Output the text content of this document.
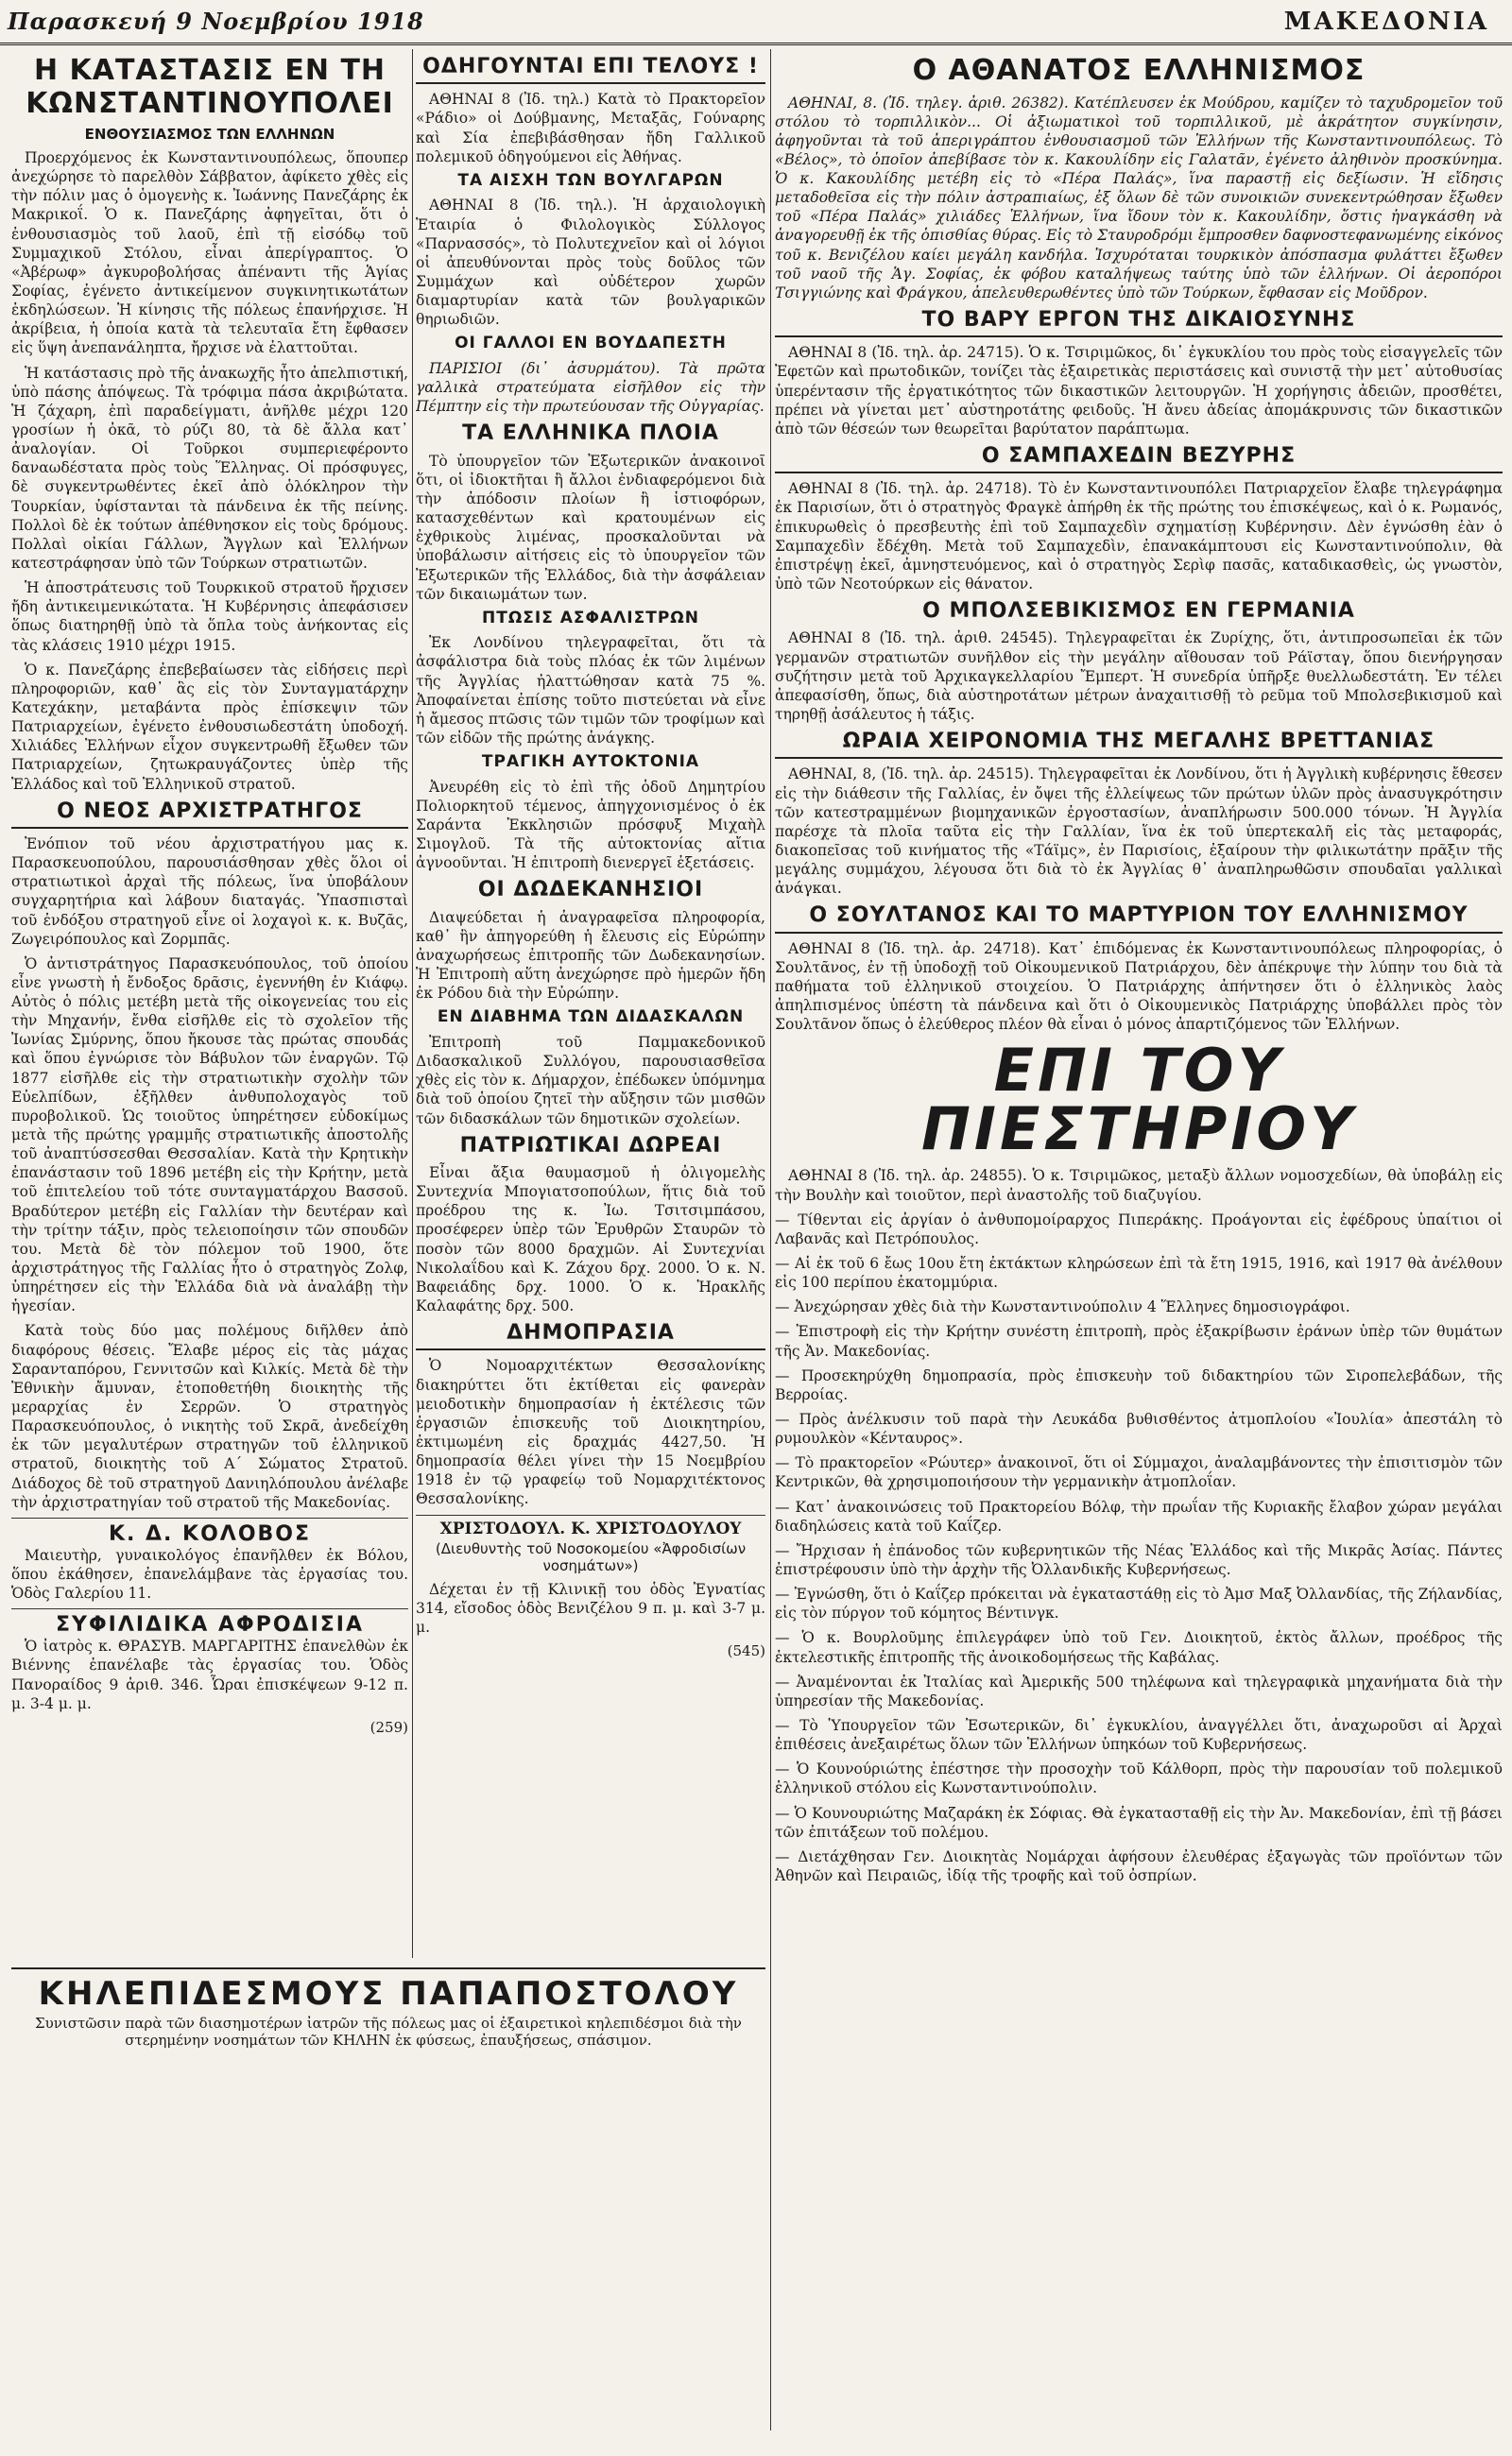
Παρασκευή 9 Νοεμβρίου 1918	ΜΑΚΕΔΟΝΙΑ
Η ΚΑΤΑΣΤΑΣΙΣ ΕΝ ΤΗ ΚΩΝΣΤΑΝΤΙΝΟΥΠΟΛΕΙ
ΕΝΘΟΥΣΙΑΣΜΟΣ ΤΩΝ ΕΛΛΗΝΩΝ

Προερχόμενος ἐκ Κωνσταντινουπόλεως, ὅπουπερ ἀνεχώρησε τὸ παρελθὸν Σάββατον, ἀφίκετο χθὲς εἰς τὴν πόλιν μας ὁ ὁμογενὴς κ. Ἰωάννης Πανεζάρης ἐκ Μακρικοΐ. Ὁ κ. Πανεζάρης ἀφηγεῖται, ὅτι ὁ ἐνθουσιασμὸς τοῦ λαοῦ, ἐπὶ τῇ εἰσόδῳ τοῦ Συμμαχικοῦ Στόλου, εἶναι ἀπερίγραπτος. Ὁ «Ἀβέρωφ» ἀγκυροβολήσας ἀπέναντι τῆς Ἁγίας Σοφίας, ἐγένετο ἀντικείμενον συγκινητικωτάτων ἐκδηλώσεων. Ἡ κίνησις τῆς πόλεως ἐπανήρχισε. Ἡ ἀκρίβεια, ἡ ὁποία κατὰ τὰ τελευταῖα ἔτη ἔφθασεν εἰς ὕψη ἀνεπανάληπτα, ἤρχισε νὰ ἐλαττοῦται.

Ἡ κατάστασις πρὸ τῆς ἀνακωχῆς ἦτο ἀπελπιστική, ὑπὸ πάσης ἀπόψεως. Τὰ τρόφιμα πάσα ἀκριβώτατα. Ἡ ζάχαρη, ἐπὶ παραδείγματι, ἀνῆλθε μέχρι 120 γροσίων ἡ ὀκᾶ, τὸ ρύζι 80, τὰ δὲ ἄλλα κατ᾽ ἀναλογίαν. Οἱ Τοῦρκοι συμπεριεφέροντο δαναωδέστατα πρὸς τοὺς Ἕλληνας. Οἱ πρόσφυγες, δὲ συγκεντρωθέντες ἐκεῖ ἀπὸ ὁλόκληρον τὴν Τουρκίαν, ὑφίστανται τὰ πάνδεινα ἐκ τῆς πείνης. Πολλοὶ δὲ ἐκ τούτων ἀπέθνησκον εἰς τοὺς δρόμους. Πολλαὶ οἰκίαι Γάλλων, Ἄγγλων καὶ Ἑλλήνων κατεστράφησαν ὑπὸ τῶν Τούρκων στρατιωτῶν.

Ἡ ἀποστράτευσις τοῦ Τουρκικοῦ στρατοῦ ἤρχισεν ἤδη ἀντικειμενικώτατα. Ἡ Κυβέρνησις ἀπεφάσισεν ὅπως διατηρηθῇ ὑπὸ τὰ ὅπλα τοὺς ἀνήκοντας εἰς τὰς κλάσεις 1910 μέχρι 1915.

Ὁ κ. Πανεζάρης ἐπεβεβαίωσεν τὰς εἰδήσεις περὶ πληροφοριῶν, καθ᾽ ἃς εἰς τὸν Συνταγματάρχην Κατεχάκην, μεταβάντα πρὸς ἐπίσκεψιν τῶν Πατριαρχείων, ἐγένετο ἐνθουσιωδεστάτη ὑποδοχή. Χιλιάδες Ἑλλήνων εἶχον συγκεντρωθῆ ἔξωθεν τῶν Πατριαρχείων, ζητωκραυγάζοντες ὑπὲρ τῆς Ἑλλάδος καὶ τοῦ Ἑλληνικοῦ στρατοῦ.

Ο ΝΕΟΣ ΑΡΧΙΣΤΡΑΤΗΓΟΣ

Ἐνόπιον τοῦ νέου ἀρχιστρατήγου μας κ. Παρασκευοπούλου, παρουσιάσθησαν χθὲς ὅλοι οἱ στρατιωτικοὶ ἀρχαὶ τῆς πόλεως, ἵνα ὑποβάλουν συγχαρητήρια καὶ λάβουν διαταγάς. Ὑπασπισταὶ τοῦ ἐνδόξου στρατηγοῦ εἶνε οἱ λοχαγοὶ κ. κ. Βυζᾶς, Ζωγειρόπουλος καὶ Ζορμπᾶς.

Ὁ ἀντιστράτηγος Παρασκευόπουλος, τοῦ ὁποίου εἶνε γνωστὴ ἡ ἔνδοξος δρᾶσις, ἐγεννήθη ἐν Κιάφῳ. Αὐτὸς ὁ πόλις μετέβη μετὰ τῆς οἰκογενείας του εἰς τὴν Μηχανήν, ἔνθα εἰσῆλθε εἰς τὸ σχολεῖον τῆς Ἰωνίας Σμύρνης, ὅπου ἤκουσε τὰς πρώτας σπουδάς καὶ ὅπου ἐγνώρισε τὸν Βάβυλον τῶν ἐναργῶν. Τῷ 1877 εἰσῆλθε εἰς τὴν στρατιωτικὴν σχολὴν τῶν Εὐελπίδων, ἐξῆλθεν ἀνθυπολοχαγὸς τοῦ πυροβολικοῦ. Ὡς τοιοῦτος ὑπηρέτησεν εὐδοκίμως μετὰ τῆς πρώτης γραμμῆς στρατιωτικῆς ἀποστολῆς τοῦ ἀναπτύσσεσθαι Θεσσαλίαν. Κατὰ τὴν Κρητικὴν ἐπανάστασιν τοῦ 1896 μετέβη εἰς τὴν Κρήτην, μετὰ τοῦ ἐπιτελείου τοῦ τότε συνταγματάρχου Βασσοῦ. Βραδύτερον μετέβη εἰς Γαλλίαν τὴν δευτέραν καὶ τὴν τρίτην τάξιν, πρὸς τελειοποίησιν τῶν σπουδῶν του. Μετὰ δὲ τὸν πόλεμον τοῦ 1900, ὅτε ἀρχιστράτηγος τῆς Γαλλίας ἦτο ὁ στρατηγὸς Ζολφ, ὑπηρέτησεν εἰς τὴν Ἑλλάδα διὰ νὰ ἀναλάβῃ τὴν ἡγεσίαν.

Κατὰ τοὺς δύο μας πολέμους διῆλθεν ἀπὸ διαφόρους θέσεις. Ἔλαβε μέρος εἰς τὰς μάχας Σαρανταπόρου, Γεννιτσῶν καὶ Κιλκίς. Μετὰ δὲ τὴν Ἐθνικὴν ἄμυναν, ἐτοποθετήθη διοικητὴς τῆς μεραρχίας ἐν Σερρῶν. Ὁ στρατηγὸς Παρασκευόπουλος, ὁ νικητὴς τοῦ Σκρᾶ, ἀνεδείχθη ἐκ τῶν μεγαλυτέρων στρατηγῶν τοῦ ἑλληνικοῦ στρατοῦ, διοικητὴς τοῦ Α΄ Σώματος Στρατοῦ. Διάδοχος δὲ τοῦ στρατηγοῦ Δανιηλόπουλου ἀνέλαβε τὴν ἀρχιστρατηγίαν τοῦ στρατοῦ τῆς Μακεδονίας.

Κ. Δ. ΚΟΛΟΒΟΣ

Μαιευτὴρ, γυναικολόγος ἐπανῆλθεν ἐκ Βόλου, ὅπου ἐκάθησεν, ἐπανελάμβανε τὰς ἐργασίας του. Ὁδὸς Γαλερίου 11.

ΣΥΦΙΛΙΔΙΚΑ ΑΦΡΟΔΙΣΙΑ

Ὁ ἰατρὸς κ. ΘΡΑΣΥΒ. ΜΑΡΓΑΡΙΤΗΣ ἐπανελθὼν ἐκ Βιέννης ἐπανέλαβε τὰς ἐργασίας του. Ὁδὸς Πανοραίδος 9 ἀριθ. 346. Ὧραι ἐπισκέψεων 9-12 π. μ. 3-4 μ. μ.

(259)
ΟΔΗΓΟΥΝΤΑΙ ΕΠΙ ΤΕΛΟΥΣ !

ΑΘΗΝΑΙ 8 (Ἰδ. τηλ.) Κατὰ τὸ Πρακτορεῖον «Ράδιο» οἱ Δούβμανης, Μεταξᾶς, Γούναρης καὶ Σία ἐπεβιβάσθησαν ἤδη Γαλλικοῦ πολεμικοῦ ὁδηγούμενοι εἰς Ἀθήνας.

ΤΑ ΑΙΣΧΗ ΤΩΝ ΒΟΥΛΓΑΡΩΝ

ΑΘΗΝΑΙ 8 (Ἰδ. τηλ.). Ἡ ἀρχαιολογικὴ Ἑταιρία ὁ Φιλολογικὸς Σύλλογος «Παρνασσός», τὸ Πολυτεχνεῖον καὶ οἱ λόγιοι οἱ ἀπευθύνονται πρὸς τοὺς δοῦλος τῶν Συμμάχων καὶ οὐδέτερον χωρῶν διαμαρτυρίαν κατὰ τῶν βουλγαρικῶν θηριωδιῶν.

ΟΙ ΓΑΛΛΟΙ ΕΝ ΒΟΥΔΑΠΕΣΤΗ

ΠΑΡΙΣΙΟΙ (δι᾽ ἀσυρμάτου). Τὰ πρῶτα γαλλικὰ στρατεύματα εἰσῆλθον εἰς τὴν Πέμπτην εἰς τὴν πρωτεύουσαν τῆς Οὐγγαρίας.

ΤΑ ΕΛΛΗΝΙΚΑ ΠΛΟΙΑ

Τὸ ὑπουργεῖον τῶν Ἐξωτερικῶν ἀνακοινοῖ ὅτι, οἱ ἰδιοκτῆται ἢ ἄλλοι ἐνδιαφερόμενοι διὰ τὴν ἀπόδοσιν πλοίων ἢ ἱστιοφόρων, κατασχεθέντων καὶ κρατουμένων εἰς ἐχθρικοὺς λιμένας, προσκαλοῦνται νὰ ὑποβάλωσιν αἰτήσεις εἰς τὸ ὑπουργεῖον τῶν Ἐξωτερικῶν τῆς Ἑλλάδος, διὰ τὴν ἀσφάλειαν τῶν δικαιωμάτων των.

ΠΤΩΣΙΣ ΑΣΦΑΛΙΣΤΡΩΝ

Ἐκ Λονδίνου τηλεγραφεῖται, ὅτι τὰ ἀσφάλιστρα διὰ τοὺς πλόας ἐκ τῶν λιμένων τῆς Ἀγγλίας ἠλαττώθησαν κατὰ 75 %. Ἀποφαίνεται ἐπίσης τοῦτο πιστεύεται νὰ εἶνε ἡ ἄμεσος πτῶσις τῶν τιμῶν τῶν τροφίμων καὶ τῶν εἰδῶν τῆς πρώτης ἀνάγκης.

ΤΡΑΓΙΚΗ ΑΥΤΟΚΤΟΝΙΑ

Ἀνευρέθη εἰς τὸ ἐπὶ τῆς ὁδοῦ Δημητρίου Πολιορκητοῦ τέμενος, ἀπηγχονισμένος ὁ ἐκ Σαράντα Ἐκκλησιῶν πρόσφυξ Μιχαὴλ Σιμογλοῦ. Τὰ τῆς αὐτοκτονίας αἴτια ἀγνοοῦνται. Ἡ ἐπιτροπὴ διενεργεῖ ἐξετάσεις.

ΟΙ ΔΩΔΕΚΑΝΗΣΙΟΙ

Διαψεύδεται ἡ ἀναγραφεῖσα πληροφορία, καθ᾽ ἣν ἀπηγορεύθη ἡ ἔλευσις εἰς Εὐρώπην ἀναχωρήσεως ἐπιτροπῆς τῶν Δωδεκανησίων. Ἡ Ἐπιτροπὴ αὕτη ἀνεχώρησε πρὸ ἡμερῶν ἤδη ἐκ Ρόδου διὰ τὴν Εὐρώπην.

ΕΝ ΔΙΑΒΗΜΑ ΤΩΝ ΔΙΔΑΣΚΑΛΩΝ

Ἐπιτροπὴ τοῦ Παμμακεδονικοῦ Διδασκαλικοῦ Συλλόγου, παρουσιασθεῖσα χθὲς εἰς τὸν κ. Δήμαρχον, ἐπέδωκεν ὑπόμνημα διὰ τοῦ ὁποίου ζητεῖ τὴν αὔξησιν τῶν μισθῶν τῶν διδασκάλων τῶν δημοτικῶν σχολείων.

ΠΑΤΡΙΩΤΙΚΑΙ ΔΩΡΕΑΙ

Εἶναι ἄξια θαυμασμοῦ ἡ ὀλιγομελὴς Συντεχνία Μπογιατσοπούλων, ἥτις διὰ τοῦ προέδρου της κ. Ἰω. Τσιτσιμπάσου, προσέφερεν ὑπὲρ τῶν Ἐρυθρῶν Σταυρῶν τὸ ποσὸν τῶν 8000 δραχμῶν. Αἱ Συντεχνίαι Νικολαΐδου καὶ Κ. Ζάχου δρχ. 2000. Ὁ κ. Ν. Βαφειάδης δρχ. 1000. Ὁ κ. Ἡρακλῆς Καλαφάτης δρχ. 500.

ΔΗΜΟΠΡΑΣΙΑ

Ὁ Νομοαρχιτέκτων Θεσσαλονίκης διακηρύττει ὅτι ἐκτίθεται εἰς φανερὰν μειοδοτικὴν δημοπρασίαν ἡ ἐκτέλεσις τῶν ἐργασιῶν ἐπισκευῆς τοῦ Διοικητηρίου, ἐκτιμωμένη εἰς δραχμάς 4427,50. Ἡ δημοπρασία θέλει γίνει τὴν 15 Νοεμβρίου 1918 ἐν τῷ γραφείῳ τοῦ Νομαρχιτέκτονος Θεσσαλονίκης.

ΧΡΙΣΤΟΔΟΥΛ. Κ. ΧΡΙΣΤΟΔΟΥΛΟΥ
(Διευθυντὴς τοῦ Νοσοκομείου «Ἀφροδισίων νοσημάτων»)

Δέχεται ἐν τῇ Κλινικῇ του ὁδὸς Ἐγνατίας 314, εἴσοδος ὁδὸς Βενιζέλου 9 π. μ. καὶ 3-7 μ. μ.

(545)
Ο ΑΘΑΝΑΤΟΣ ΕΛΛΗΝΙΣΜΟΣ

ΑΘΗΝΑΙ, 8. (Ἰδ. τηλεγ. ἀριθ. 26382). Κατέπλευσεν ἐκ Μούδρου, καμίζεν τὸ ταχυδρομεῖον τοῦ στόλου τὸ τορπιλλικὸν... Οἱ ἀξιωματικοὶ τοῦ τορπιλλικοῦ, μὲ ἀκράτητον συγκίνησιν, ἀφηγοῦνται τὰ τοῦ ἀπεριγράπτου ἐνθουσιασμοῦ τῶν Ἑλλήνων τῆς Κωνσταντινουπόλεως. Τὸ «Βέλος», τὸ ὁποῖον ἀπεβίβασε τὸν κ. Κακουλίδην εἰς Γαλατᾶν, ἐγένετο ἀληθινὸν προσκύνημα. Ὁ κ. Κακουλίδης μετέβη εἰς τὸ «Πέρα Παλάς», ἵνα παραστῇ εἰς δεξίωσιν. Ἡ εἴδησις μεταδοθεῖσα εἰς τὴν πόλιν ἀστραπιαίως, ἐξ ὅλων δὲ τῶν συνοικιῶν συνεκεντρώθησαν ἔξωθεν τοῦ «Πέρα Παλάς» χιλιάδες Ἑλλήνων, ἵνα ἴδουν τὸν κ. Κακουλίδην, ὅστις ἠναγκάσθη νὰ ἀναγορευθῇ ἐκ τῆς ὁπισθίας θύρας. Εἰς τὸ Σταυροδρόμι ἔμπροσθεν δαφνοστεφανωμένης εἰκόνος τοῦ κ. Βενιζέλου καίει μεγάλη κανδήλα. Ἰσχυρόταται τουρκικὸν ἀπόσπασμα φυλάττει ἔξωθεν τοῦ ναοῦ τῆς Ἁγ. Σοφίας, ἐκ φόβου καταλήψεως ταύτης ὑπὸ τῶν ἑλλήνων. Οἱ ἀεροπόροι Τσιγγιώνης καὶ Φράγκου, ἀπελευθερωθέντες ὑπὸ τῶν Τούρκων, ἔφθασαν εἰς Μοῦδρον.

ΤΟ ΒΑΡΥ ΕΡΓΟΝ ΤΗΣ ΔΙΚΑΙΟΣΥΝΗΣ

ΑΘΗΝΑΙ 8 (Ἰδ. τηλ. ἀρ. 24715). Ὁ κ. Τσιριμῶκος, δι᾽ ἐγκυκλίου του πρὸς τοὺς εἰσαγγελεῖς τῶν Ἐφετῶν καὶ πρωτοδικῶν, τονίζει τὰς ἐξαιρετικὰς περιστάσεις καὶ συνιστᾷ τὴν μετ᾽ αὐτοθυσίας ὑπερέντασιν τῆς ἐργατικότητος τῶν δικαστικῶν λειτουργῶν. Ἡ χορήγησις ἀδειῶν, προσθέτει, πρέπει νὰ γίνεται μετ᾽ αὐστηροτάτης φειδοῦς. Ἡ ἄνευ ἀδείας ἀπομάκρυνσις τῶν δικαστικῶν ἀπὸ τῶν θέσεών των θεωρεῖται βαρύτατον παράπτωμα.

Ο ΣΑΜΠΑΧΕΔΙΝ ΒΕΖΥΡΗΣ

ΑΘΗΝΑΙ 8 (Ἰδ. τηλ. ἀρ. 24718). Τὸ ἐν Κωνσταντινουπόλει Πατριαρχεῖον ἔλαβε τηλεγράφημα ἐκ Παρισίων, ὅτι ὁ στρατηγὸς Φραγκὲ ἀπήρθη ἐκ τῆς πρώτης του ἐπισκέψεως, καὶ ὁ κ. Ρωμανός, ἐπικυρωθεὶς ὁ πρεσβευτὴς ἐπὶ τοῦ Σαμπαχεδὶν σχηματίσῃ Κυβέρνησιν. Δὲν ἐγνώσθη ἐὰν ὁ Σαμπαχεδὶν ἔδέχθη. Μετὰ τοῦ Σαμπαχεδὶν, ἐπανακάμπτουσι εἰς Κωνσταντινούπολιν, θὰ ἐπιστρέψῃ ἐκεῖ, ἀμνηστευόμενος, καὶ ὁ στρατηγὸς Σερὶφ πασᾶς, καταδικασθεὶς, ὡς γνωστὸν, ὑπὸ τῶν Νεοτούρκων εἰς θάνατον.

Ο ΜΠΟΛΣΕΒΙΚΙΣΜΟΣ ΕΝ ΓΕΡΜΑΝΙΑ

ΑΘΗΝΑΙ 8 (Ἰδ. τηλ. ἀριθ. 24545). Τηλεγραφεῖται ἐκ Ζυρίχης, ὅτι, ἀντιπροσωπεῖαι ἐκ τῶν γερμανῶν στρατιωτῶν συνῆλθον εἰς τὴν μεγάλην αἴθουσαν τοῦ Ράϊσταγ, ὅπου διενήργησαν συζήτησιν μετὰ τοῦ Ἀρχικαγκελλαρίου Ἔμπερτ. Ἡ συνεδρία ὑπῆρξε θυελλωδεστάτη. Ἐν τέλει ἀπεφασίσθη, ὅπως, διὰ αὐστηροτάτων μέτρων ἀναχαιτισθῇ τὸ ρεῦμα τοῦ Μπολσεβικισμοῦ καὶ τηρηθῇ ἀσάλευτος ἡ τάξις.

ΩΡΑΙΑ ΧΕΙΡΟΝΟΜΙΑ ΤΗΣ ΜΕΓΑΛΗΣ ΒΡΕΤΤΑΝΙΑΣ

ΑΘΗΝΑΙ, 8, (Ἰδ. τηλ. ἀρ. 24515). Τηλεγραφεῖται ἐκ Λονδίνου, ὅτι ἡ Ἀγγλικὴ κυβέρνησις ἔθεσεν εἰς τὴν διάθεσιν τῆς Γαλλίας, ἐν ὄψει τῆς ἐλλείψεως τῶν πρώτων ὑλῶν πρὸς ἀνασυγκρότησιν τῶν κατεστραμμένων βιομηχανικῶν ἐργοστασίων, ἀναπλήρωσιν 500.000 τόνων. Ἡ Ἀγγλία παρέσχε τὰ πλοῖα ταῦτα εἰς τὴν Γαλλίαν, ἵνα ἐκ τοῦ ὑπερτεκαλῆ εἰς τὰς μεταφοράς, διακοπεῖσας τοῦ κινήματος τῆς «Τάϊμς», ἐν Παρισίοις, ἐξαίρουν τὴν φιλικωτάτην πρᾶξιν τῆς μεγάλης συμμάχου, λέγουσα ὅτι διὰ τὸ ἐκ Ἀγγλίας θ᾽ ἀναπληρωθῶσιν σπουδαῖαι γαλλικαὶ ἀνάγκαι.

Ο ΣΟΥΛΤΑΝΟΣ ΚΑΙ ΤΟ ΜΑΡΤΥΡΙΟΝ ΤΟΥ ΕΛΛΗΝΙΣΜΟΥ

ΑΘΗΝΑΙ 8 (Ἰδ. τηλ. ἀρ. 24718). Κατ᾽ ἐπιδόμενας ἐκ Κωνσταντινουπόλεως πληροφορίας, ὁ Σουλτᾶνος, ἐν τῇ ὑποδοχῇ τοῦ Οἰκουμενικοῦ Πατριάρχου, δὲν ἀπέκρυψε τὴν λύπην του διὰ τὰ παθήματα τοῦ ἑλληνικοῦ στοιχείου. Ὁ Πατριάρχης ἀπήντησεν ὅτι ὁ ἑλληνικὸς λαὸς ἀπηλπισμένος ὑπέστη τὰ πάνδεινα καὶ ὅτι ὁ Οἰκουμενικὸς Πατριάρχης ὑποβάλλει πρὸς τὸν Σουλτᾶνον ὅπως ὁ ἐλεύθερος πλέον θὰ εἶναι ὁ μόνος ἀπαρτιζόμενος τῶν Ἑλλήνων.

ΕΠΙ ΤΟΥ ΠΙΕΣΤΗΡΙΟΥ

ΑΘΗΝΑΙ 8 (Ἰδ. τηλ. ἀρ. 24855). Ὁ κ. Τσιριμῶκος, μεταξὺ ἄλλων νομοσχεδίων, θὰ ὑποβάλῃ εἰς τὴν Βουλὴν καὶ τοιοῦτον, περὶ ἀναστολῆς τοῦ διαζυγίου.

— Τίθενται εἰς ἀργίαν ὁ ἀνθυπομοίραρχος Πιπεράκης. Προάγονται εἰς ἐφέδρους ὑπαίτιοι οἱ Λαβανᾶς καὶ Πετρόπουλος.

— Αἱ ἐκ τοῦ 6 ἔως 10ου ἔτη ἐκτάκτων κληρώσεων ἐπὶ τὰ ἔτη 1915, 1916, καὶ 1917 θὰ ἀνέλθουν εἰς 100 περίπου ἑκατομμύρια.

— Ἀνεχώρησαν χθὲς διὰ τὴν Κωνσταντινούπολιν 4 Ἕλληνες δημοσιογράφοι.

— Ἐπιστροφὴ εἰς τὴν Κρήτην συνέστη ἐπιτροπὴ, πρὸς ἐξακρίβωσιν ἐράνων ὑπὲρ τῶν θυμάτων τῆς Ἀν. Μακεδονίας.

— Προσεκηρύχθη δημοπρασία, πρὸς ἐπισκευὴν τοῦ διδακτηρίου τῶν Σιροπελεβάδων, τῆς Βερροίας.

— Πρὸς ἀνέλκυσιν τοῦ παρὰ τὴν Λευκάδα βυθισθέντος ἀτμοπλοίου «Ἰουλία» ἀπεστάλη τὸ ρυμουλκὸν «Κένταυρος».

— Τὸ πρακτορεῖον «Ρώυτερ» ἀνακοινοῖ, ὅτι οἱ Σύμμαχοι, ἀναλαμβάνοντες τὴν ἐπισιτισμὸν τῶν Κεντρικῶν, θὰ χρησιμοποιήσουν τὴν γερμανικὴν ἀτμοπλοΐαν.

— Κατ᾽ ἀνακοινώσεις τοῦ Πρακτορείου Βόλφ, τὴν πρωΐαν τῆς Κυριακῆς ἔλαβον χώραν μεγάλαι διαδηλώσεις κατὰ τοῦ Καΐζερ.

— Ἤρχισαν ἡ ἐπάνοδος τῶν κυβερνητικῶν τῆς Νέας Ἐλλάδος καὶ τῆς Μικρᾶς Ἀσίας. Πάντες ἐπιστρέφουσιν ὑπὸ τὴν ἀρχὴν τῆς Ὀλλανδικῆς Κυβερνήσεως.

— Ἐγνώσθη, ὅτι ὁ Καΐζερ πρόκειται νὰ ἐγκαταστάθῃ εἰς τὸ Ἀμσ Μαξ Ὀλλανδίας, τῆς Ζήλανδίας, εἰς τὸν πύργον τοῦ κόμητος Βέντινγκ.

— Ὁ κ. Βουρλοῦμης ἐπιλεγράφεν ὑπὸ τοῦ Γεν. Διοικητοῦ, ἐκτὸς ἄλλων, προέδρος τῆς ἐκτελεστικῆς ἐπιτροπῆς τῆς ἀνοικοδομήσεως τῆς Καβάλας.

— Ἀναμένονται ἐκ Ἰταλίας καὶ Ἀμερικῆς 500 τηλέφωνα καὶ τηλεγραφικὰ μηχανήματα διὰ τὴν ὑπηρεσίαν τῆς Μακεδονίας.

— Τὸ Ὑπουργεῖον τῶν Ἐσωτερικῶν, δι᾽ ἐγκυκλίου, ἀναγγέλλει ὅτι, ἀναχωροῦσι αἱ Ἀρχαὶ ἐπιθέσεις ἀνεξαιρέτως ὅλων τῶν Ἑλλήνων ὑπηκόων τοῦ Κυβερνήσεως.

— Ὁ Κουνούριώτης ἐπέστησε τὴν προσοχὴν τοῦ Κάλθορπ, πρὸς τὴν παρουσίαν τοῦ πολεμικοῦ ἑλληνικοῦ στόλου εἰς Κωνσταντινούπολιν.

— Ὁ Κουνουριώτης Μαζαράκη ἐκ Σόφιας. Θὰ ἐγκατασταθῇ εἰς τὴν Ἀν. Μακεδονίαν, ἐπὶ τῇ βάσει τῶν ἐπιτάξεων τοῦ πολέμου.

— Διετάχθησαν Γεν. Διοικητὰς Νομάρχαι ἀφήσουν ἐλευθέρας ἐξαγωγὰς τῶν προϊόντων τῶν Ἀθηνῶν καὶ Πειραιῶς, ἰδίᾳ τῆς τροφῆς καὶ τοῦ ὀσπρίων.

ΚΗΛΕΠΙΔΕΣΜΟΥΣ ΠΑΠΑΠΟΣΤΟΛΟΥ
Συνιστῶσιν παρὰ τῶν διασημοτέρων ἰατρῶν τῆς πόλεως μας οἱ ἐξαιρετικοὶ κηλεπιδέσμοι διὰ τὴν στερημένην νοσημάτων τῶν ΚΗΛΗΝ ἐκ φύσεως, ἐπαυξήσεως, σπάσιμον.
